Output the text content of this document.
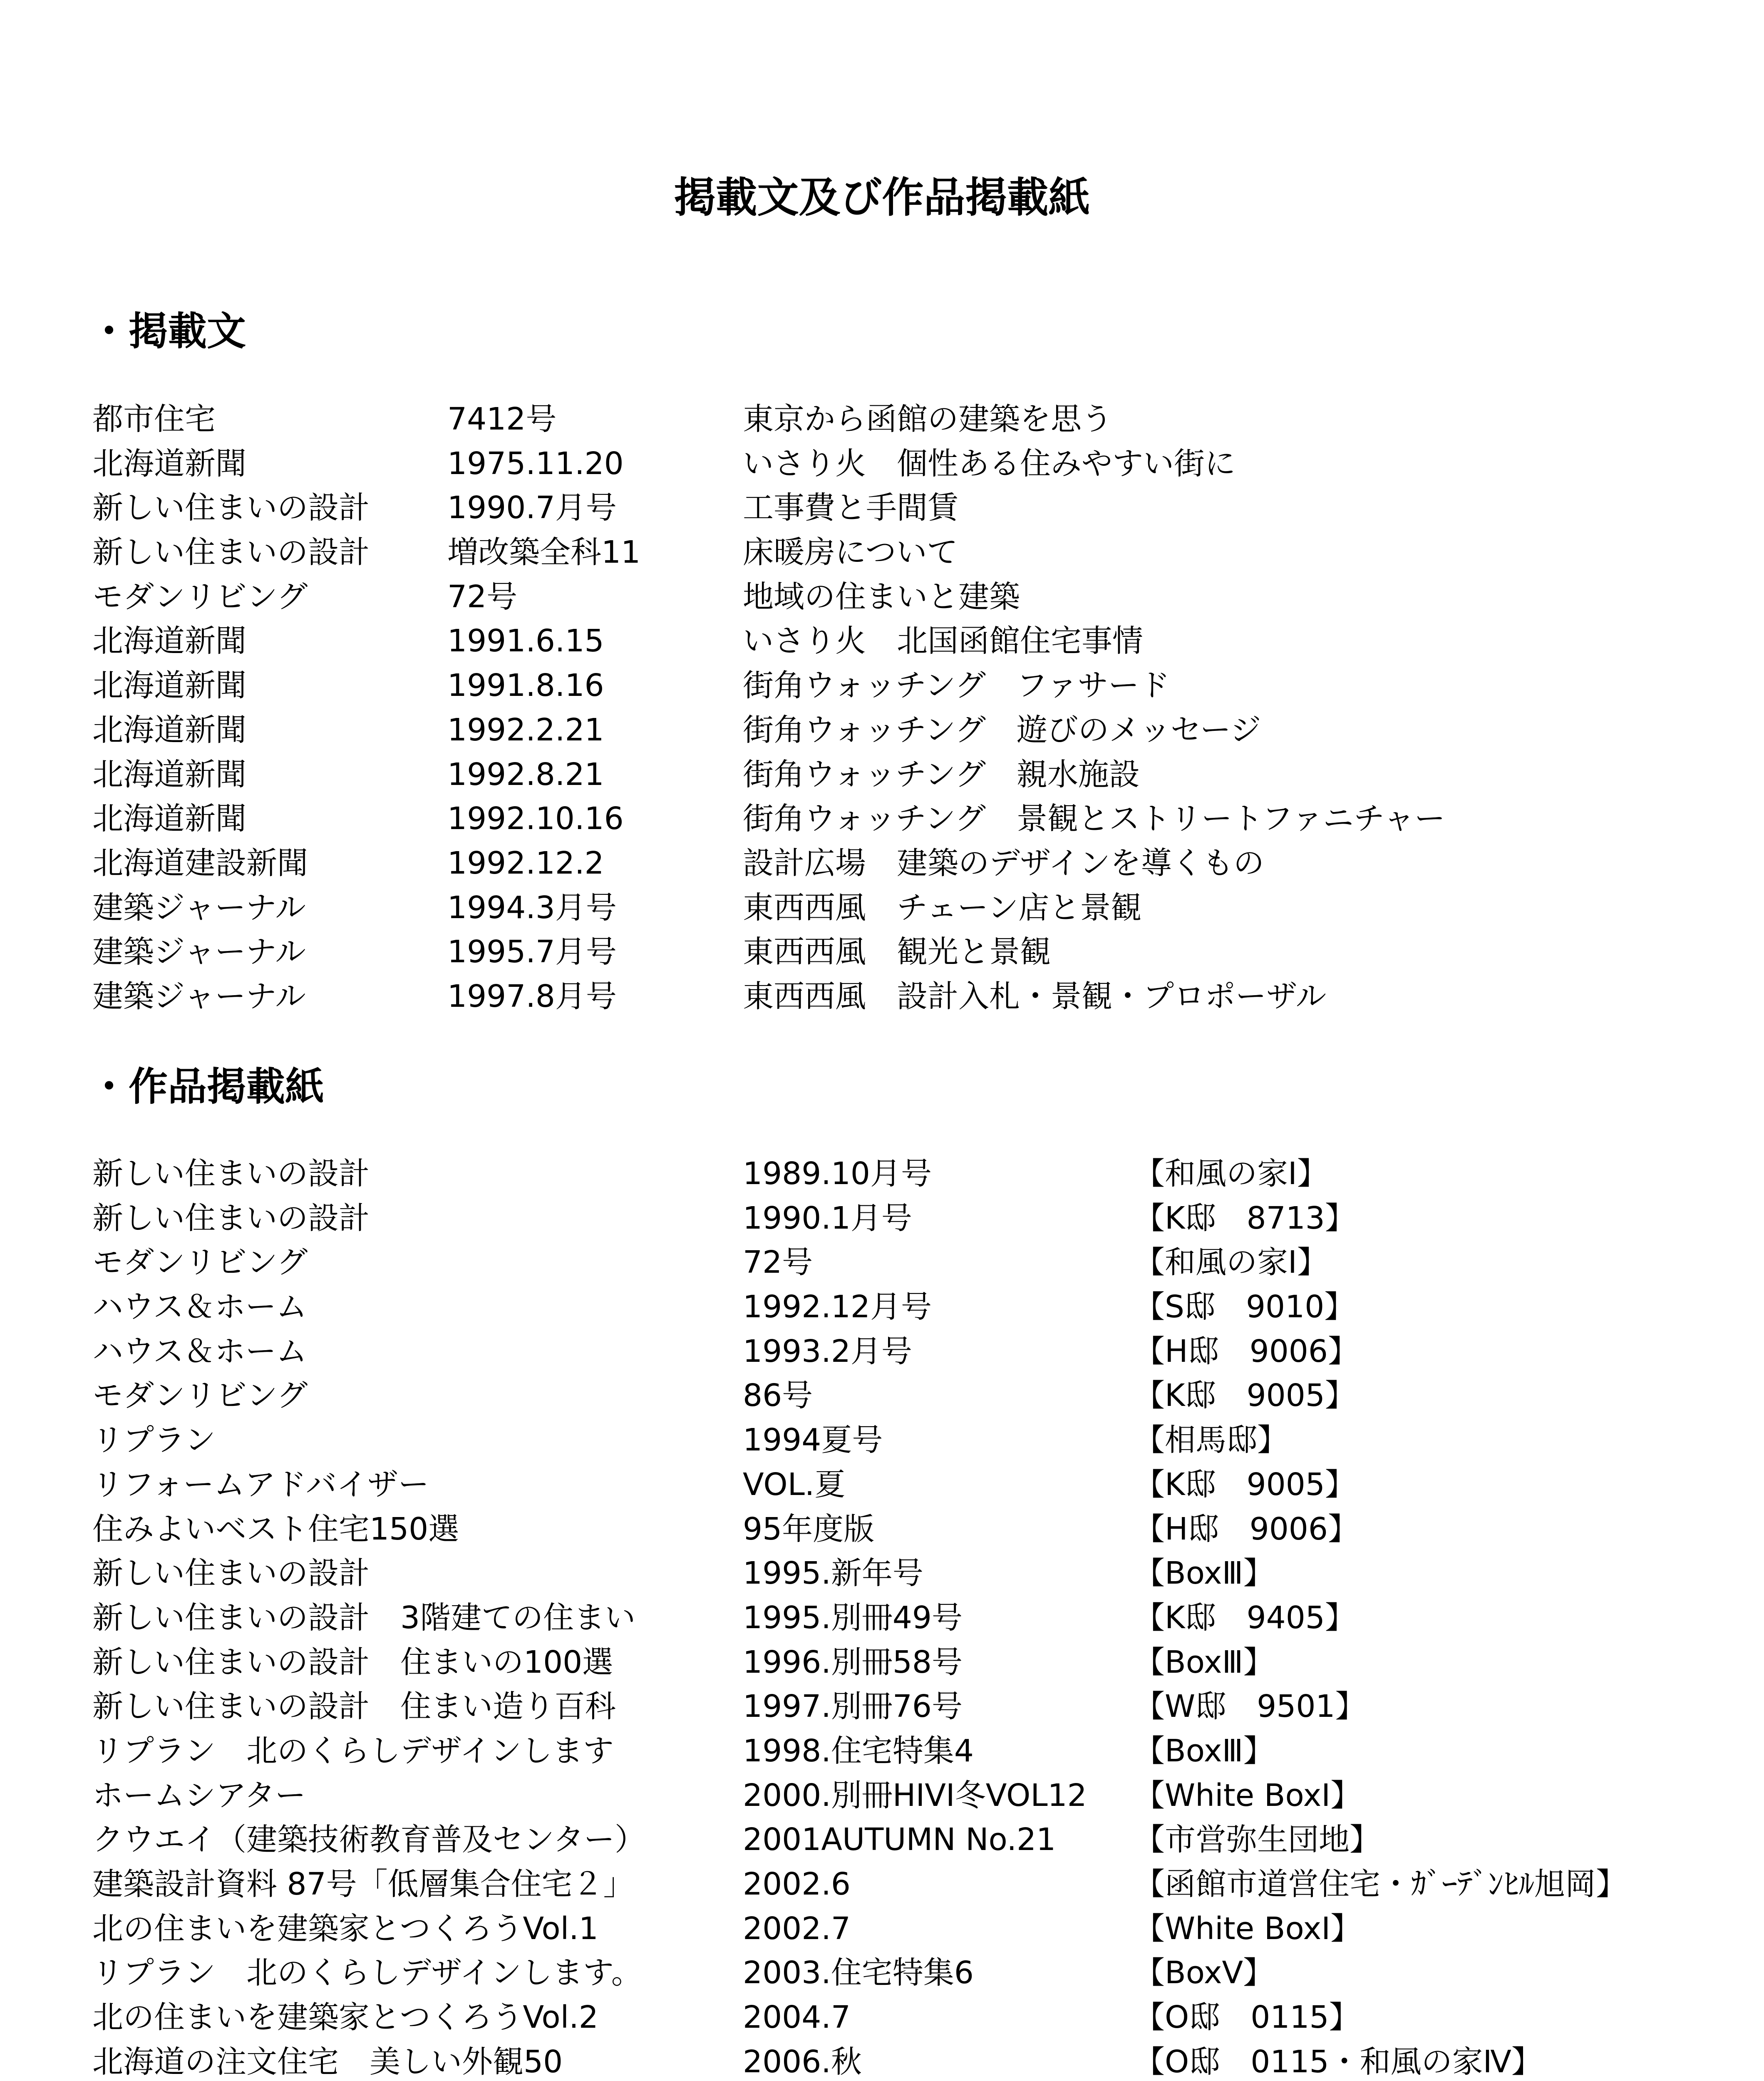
掲載文及び作品掲載紙
・掲載文
都市住宅	7412号	東京から函館の建築を思う
北海道新聞	1975.11.20	いさり火　個性ある住みやすい街に
新しい住まいの設計	1990.7月号	工事費と手間賃
新しい住まいの設計	増改築全科11	床暖房について
モダンリビング	72号	地域の住まいと建築
北海道新聞	1991.6.15	いさり火　北国函館住宅事情
北海道新聞	1991.8.16	街角ウォッチング　ファサード
北海道新聞	1992.2.21	街角ウォッチング　遊びのメッセージ
北海道新聞	1992.8.21	街角ウォッチング　親水施設
北海道新聞	1992.10.16	街角ウォッチング　景観とストリートファニチャー
北海道建設新聞	1992.12.2	設計広場　建築のデザインを導くもの
建築ジャーナル	1994.3月号	東西西風　チェーン店と景観
建築ジャーナル	1995.7月号	東西西風　観光と景観
建築ジャーナル	1997.8月号	東西西風　設計入札・景観・プロポーザル
・作品掲載紙
新しい住まいの設計	1989.10月号	【和風の家Ⅰ】
新しい住まいの設計	1990.1月号	【K邸　8713】
モダンリビング	72号	【和風の家Ⅰ】
ハウス＆ホーム	1992.12月号	【S邸　9010】
ハウス＆ホーム	1993.2月号	【H邸　9006】
モダンリビング	86号	【K邸　9005】
リプラン	1994夏号	【相馬邸】
リフォームアドバイザー	VOL.夏	【K邸　9005】
住みよいベスト住宅150選	95年度版	【H邸　9006】
新しい住まいの設計	1995.新年号	【BoxⅢ】
新しい住まいの設計　3階建ての住まい	1995.別冊49号	【K邸　9405】
新しい住まいの設計　住まいの100選	1996.別冊58号	【BoxⅢ】
新しい住まいの設計　住まい造り百科	1997.別冊76号	【W邸　9501】
リプラン　北のくらしデザインします	1998.住宅特集4	【BoxⅢ】
ホームシアター	2000.別冊HIVI冬VOL12 【White BoxⅠ】
クウエイ（建築技術教育普及センター）	2001AUTUMN No.21	【市営弥生団地】
建築設計資料 87号「低層集合住宅２」	2002.6	【函館市道営住宅・ｶﾞｰﾃﾞﾝﾋﾙ旭岡】
北の住まいを建築家とつくろうVol.1	2002.7	【White BoxⅠ】
リプラン　北のくらしデザインします。	2003.住宅特集6	【BoxⅤ】
北の住まいを建築家とつくろうVol.2	2004.7	【O邸　0115】
北海道の注文住宅　美しい外観50	2006.秋	【O邸　0115・和風の家Ⅳ】
